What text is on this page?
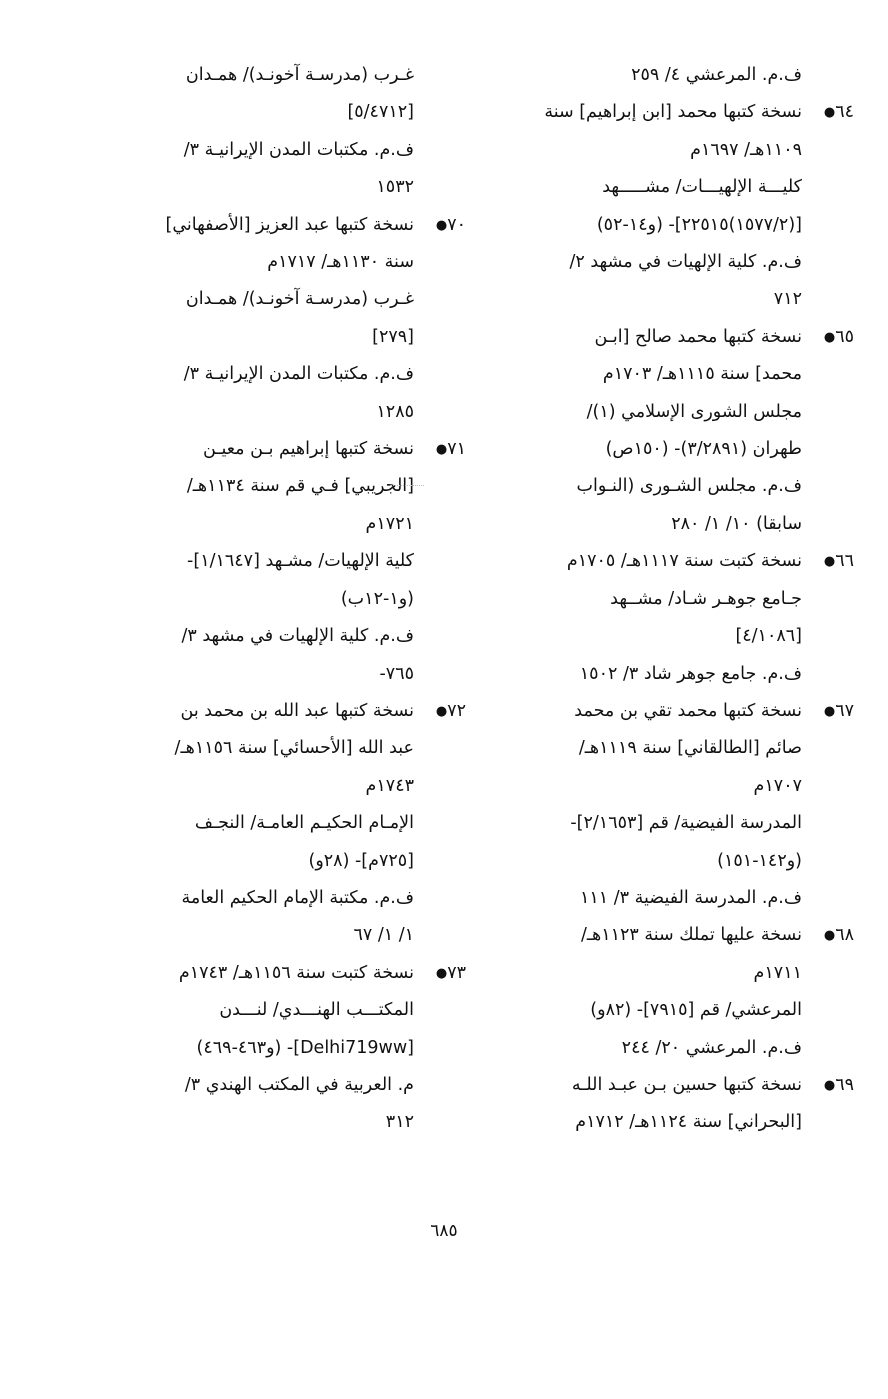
ف.م. المرعشي ٤/ ٢٥٩

٦٤●نسخة كتبها محمد [ابن إبراهيم] سنة

١١٠٩هـ/ ١٦٩٧م

كليـــة الإلهيـــات/ مشـــــهد

[(١٥٧٧/٢)٢٢٥١٥]- (و١٤-٥٢)

ف.م. كلية الإلهيات في مشهد ٢/

٧١٢

٦٥●نسخة كتبها محمد صالح [ابـن

محمد] سنة ١١١٥هـ/ ١٧٠٣م

مجلس الشورى الإسلامي (١)/

طهران (٣/٢٨٩١)- (١٥٠ص)

ف.م. مجلس الشـورى (النـواب

سابقا) ١٠/ ١/ ٢٨٠

٦٦●نسخة كتبت سنة ١١١٧هـ/ ١٧٠٥م

جـامع جوهـر شـاد/ مشــهد

[٤/١٠٨٦]

ف.م. جامع جوهر شاد ٣/ ١٥٠٢

٦٧●نسخة كتبها محمد تقي بن محمد

صائم [الطالقاني] سنة ١١١٩هـ/

١٧٠٧م

المدرسة الفيضية/ قم [٢/١٦٥٣]-

(و١٤٢-١٥١)

ف.م. المدرسة الفيضية ٣/ ١١١

٦٨●نسخة عليها تملك سنة ١١٢٣هـ/

١٧١١م

المرعشي/ قم [٧٩١٥]- (٨٢و)

ف.م. المرعشي ٢٠/ ٢٤٤

٦٩●نسخة كتبها حسين بـن عبـد اللـه

[البحراني] سنة ١١٢٤هـ/ ١٧١٢م

غـرب (مدرسـة آخونـد)/ همـدان

[٥/٤٧١٢]

ف.م. مكتبات المدن الإيرانيـة ٣/

١٥٣٢

٧٠●نسخة كتبها عبد العزيز [الأصفهاني]

سنة ١١٣٠هـ/ ١٧١٧م

غـرب (مدرسـة آخونـد)/ همـدان

[٢٧٩]

ف.م. مكتبات المدن الإيرانيـة ٣/

١٢٨٥

٧١●نسخة كتبها إبراهيم بـن معيـن

[الجريبي] فـي قم سنة ١١٣٤هـ/

١٧٢١م

كلية الإلهيات/ مشـهد [١/١٦٤٧]-

(و١-١٢ب)

ف.م. كلية الإلهيات في مشهد ٣/

٧٦٥-

٧٢●نسخة كتبها عبد الله بن محمد بن

عبد الله [الأحسائي] سنة ١١٥٦هـ/

١٧٤٣م

الإمـام الحكيـم العامـة/ النجـف

[٧٢٥م]- (٢٨و)

ف.م. مكتبة الإمام الحكيم العامة

١/ ١/ ٦٧

٧٣●نسخة كتبت سنة ١١٥٦هـ/ ١٧٤٣م

المكتـــب الهنـــدي/ لنـــدن

[Delhi719ww]- (و٤٦٣-٤٦٩)

م. العربية في المكتب الهندي ٣/

٣١٢

٦٨٥
